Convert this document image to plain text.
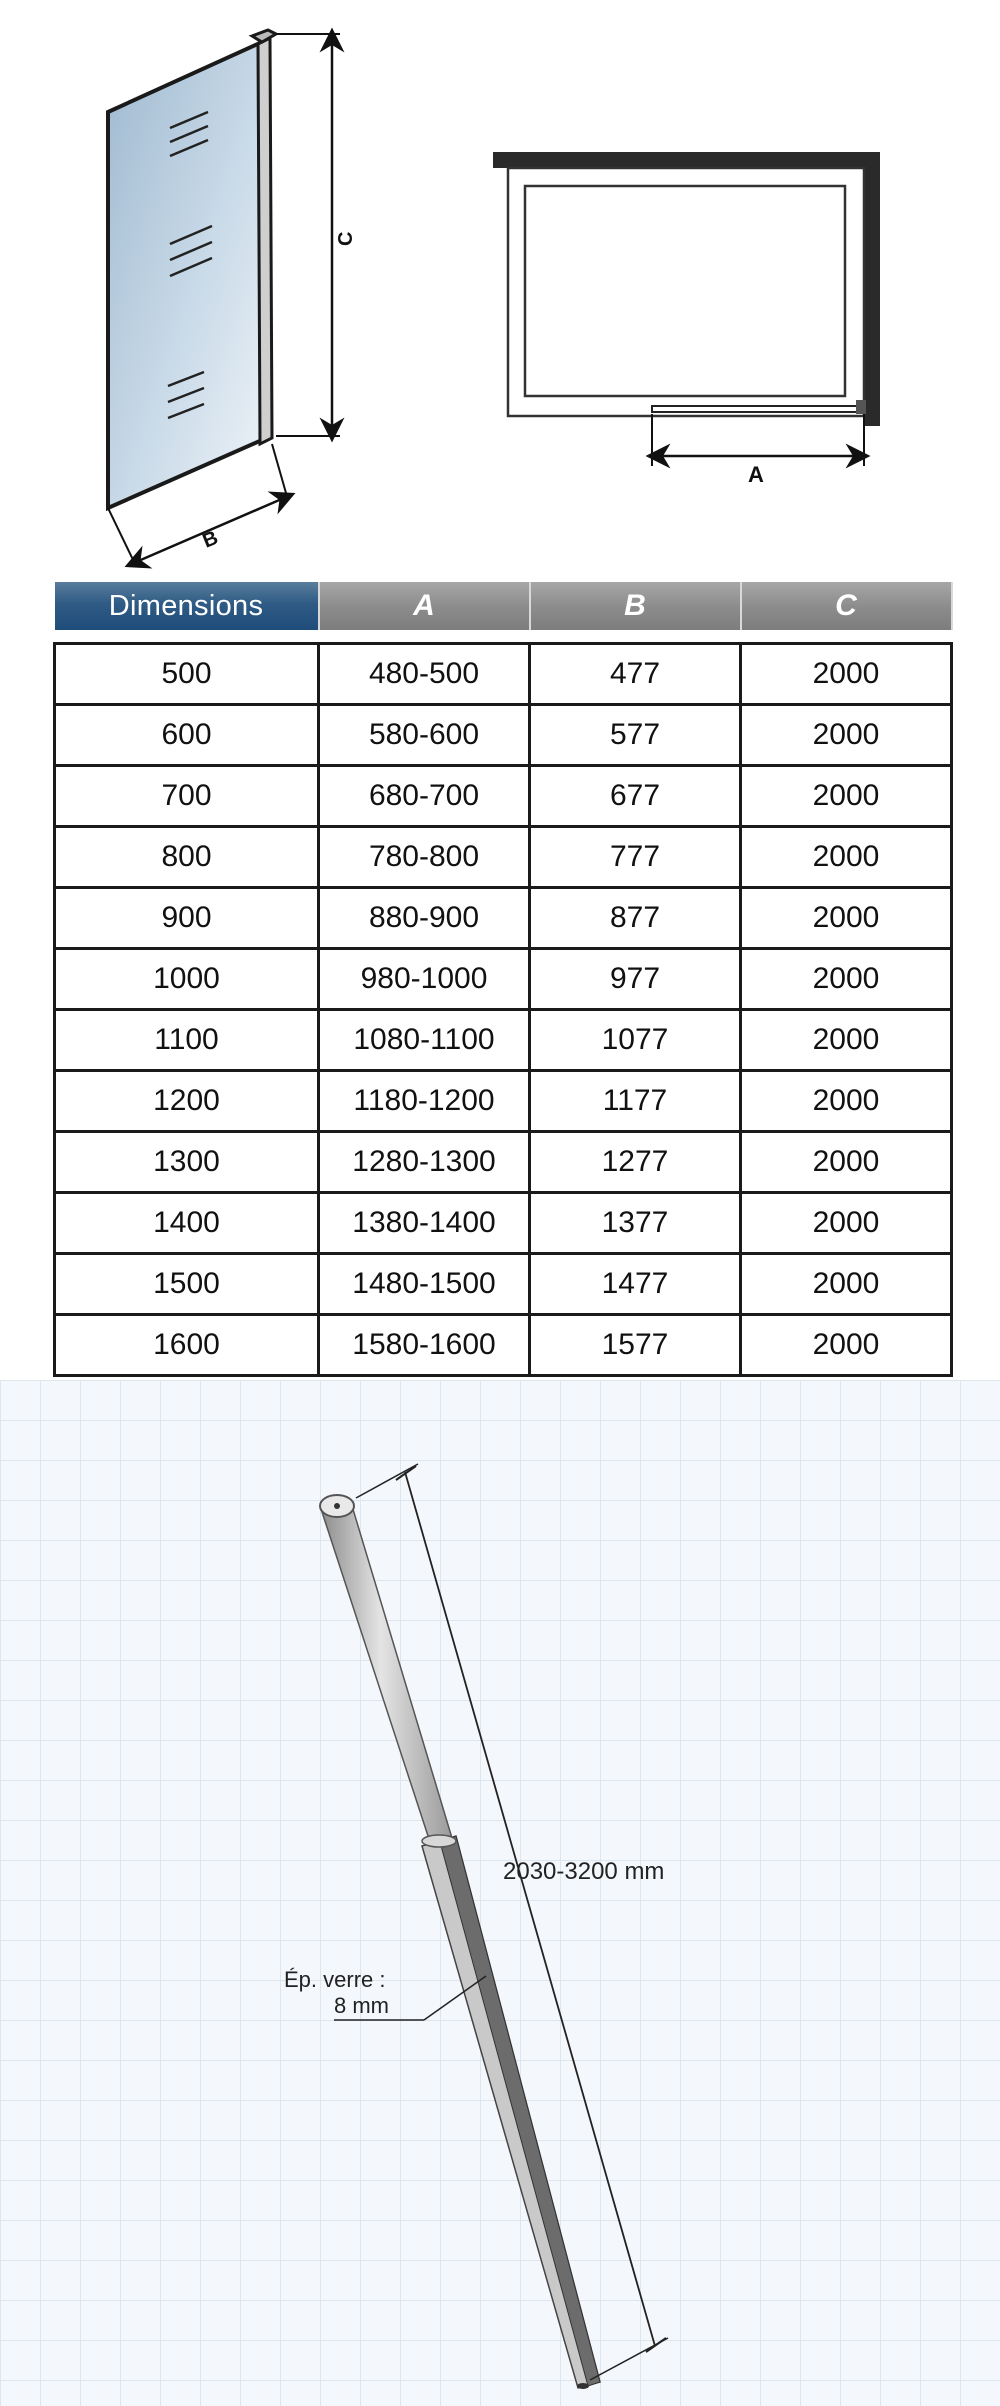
C
B
A
Dimensions	A	B	C

500	480-500	477	2000
600	580-600	577	2000
700	680-700	677	2000
800	780-800	777	2000
900	880-900	877	2000
1000	980-1000	977	2000
1100	1080-1100	1077	2000
1200	1180-1200	1177	2000
1300	1280-1300	1277	2000
1400	1380-1400	1377	2000
1500	1480-1500	1477	2000
1600	1580-1600	1577	2000
2030-3200 mm
Ép. verre :
8 mm
